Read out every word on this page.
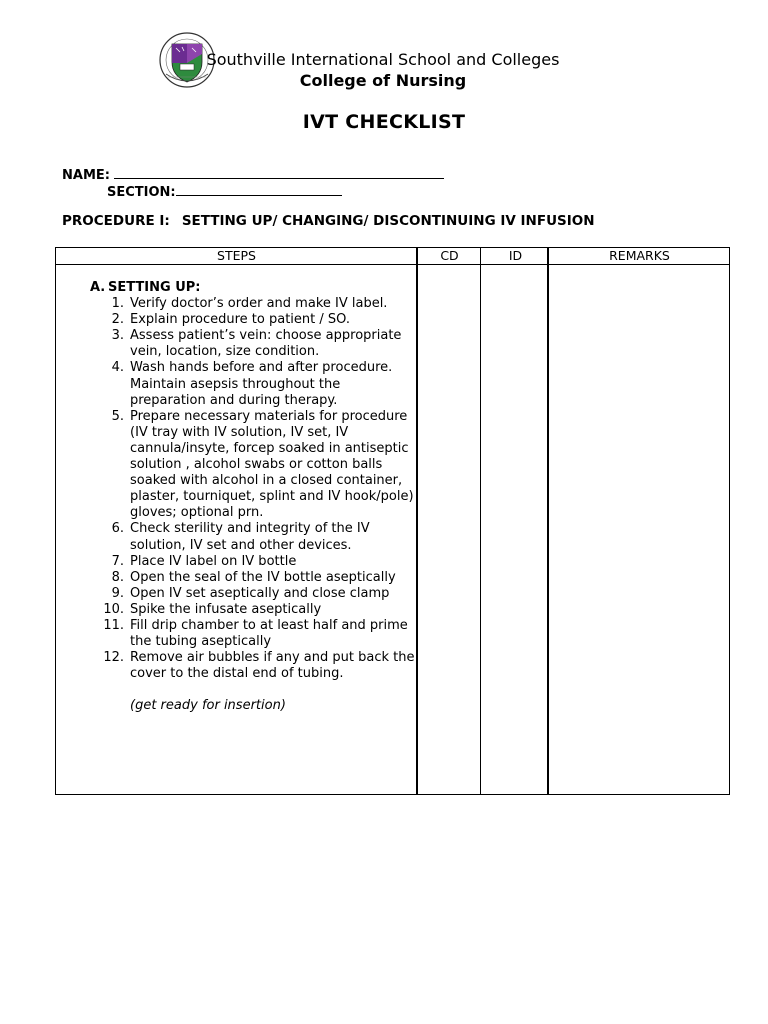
Southville International School and Colleges
College of Nursing
IVT CHECKLIST
NAME:
SECTION:
PROCEDURE I: SETTING UP/ CHANGING/ DISCONTINUING IV INFUSION
STEPS	CD	ID	REMARKS
A. SETTING UP:
1. Verify doctor’s order and make IV label.
2. Explain procedure to patient / SO.
3. Assess patient’s vein: choose appropriate vein, location, size condition.
4. Wash hands before and after procedure. Maintain asepsis throughout the preparation and during therapy.
5. Prepare necessary materials for procedure
(IV tray with IV solution, IV set, IV cannula/insyte, forcep soaked in antiseptic solution , alcohol swabs or cotton balls soaked with alcohol in a closed container, plaster, tourniquet, splint and IV hook/pole) gloves; optional prn.
6. Check sterility and integrity of the IV solution, IV set and other devices.
7. Place IV label on IV bottle
8. Open the seal of the IV bottle aseptically
9. Open IV set aseptically and close clamp
10. Spike the infusate aseptically
11. Fill drip chamber to at least half and prime the tubing aseptically
12. Remove air bubbles if any and put back the cover to the distal end of tubing.
(get ready for insertion)
